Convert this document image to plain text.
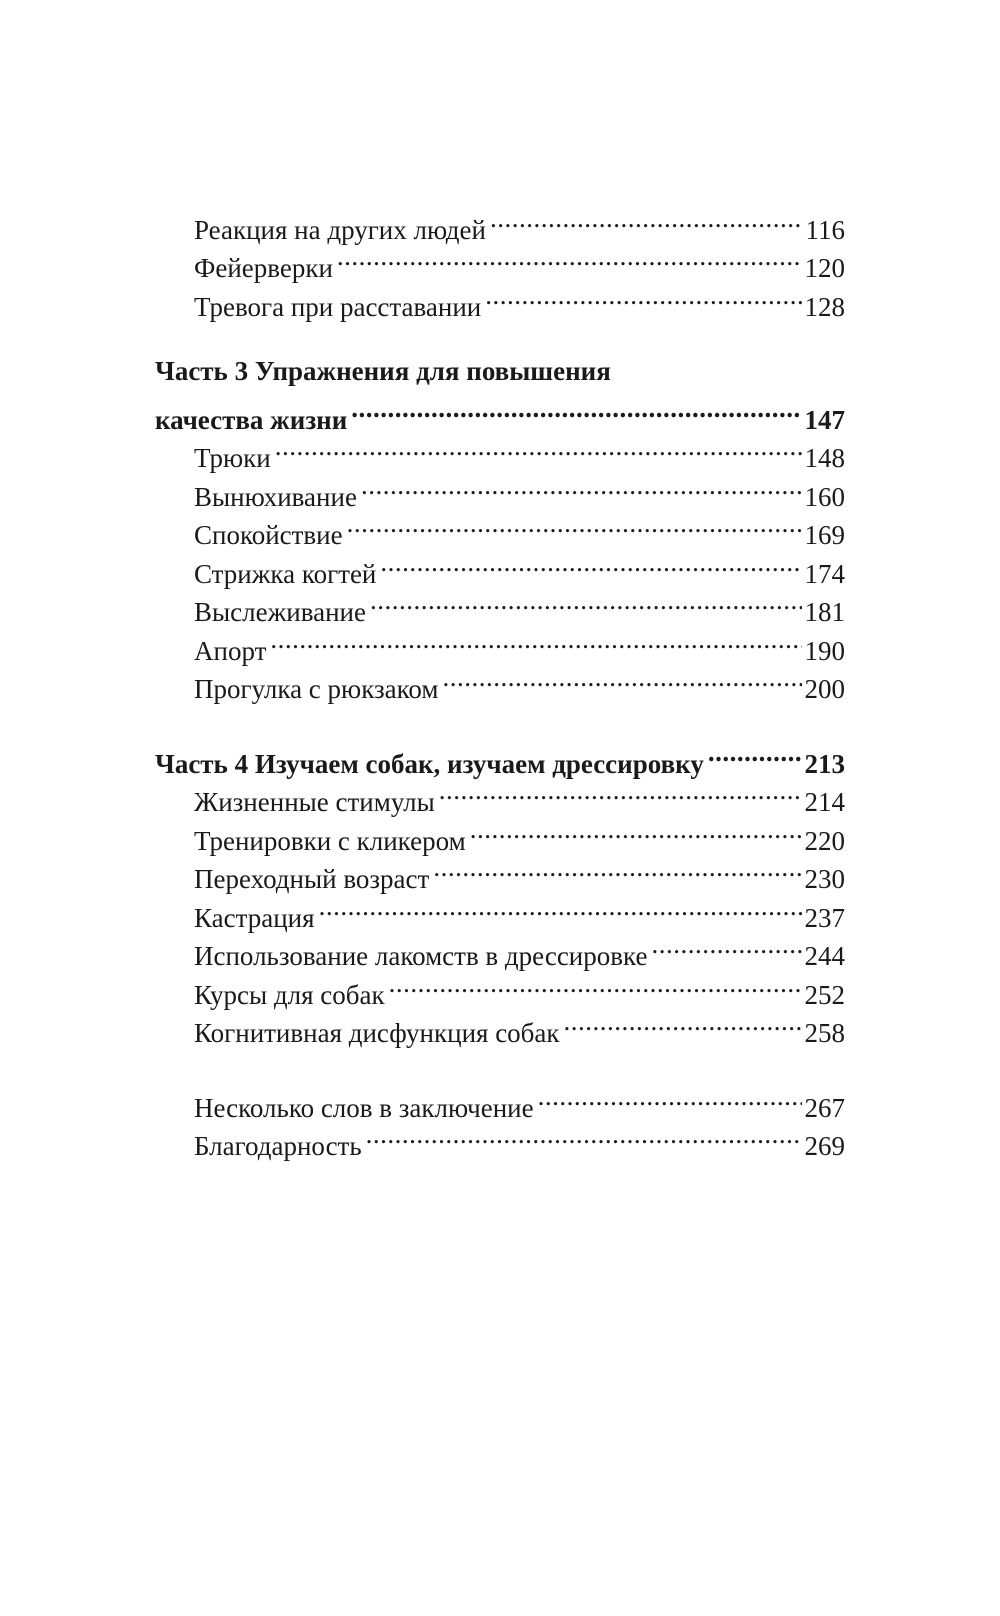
Реакция на других людей .....	116
Фейерверки .....	120
Тревога при расставании .....	128
Часть 3 Упражнения для повышения
качества жизни .....	147
Трюки .....	148
Вынюхивание .....	160
Спокойствие .....	169
Стрижка когтей .....	174
Выслеживание .....	181
Апорт .....	190
Прогулка с рюкзаком .....	200
Часть 4 Изучаем собак, изучаем дрессировку .....	213
Жизненные стимулы .....	214
Тренировки с кликером .....	220
Переходный возраст .....	230
Кастрация .....	237
Использование лакомств в дрессировке .....	244
Курсы для собак .....	252
Когнитивная дисфункция собак .....	258
Несколько слов в заключение .....	267
Благодарность .....	269
